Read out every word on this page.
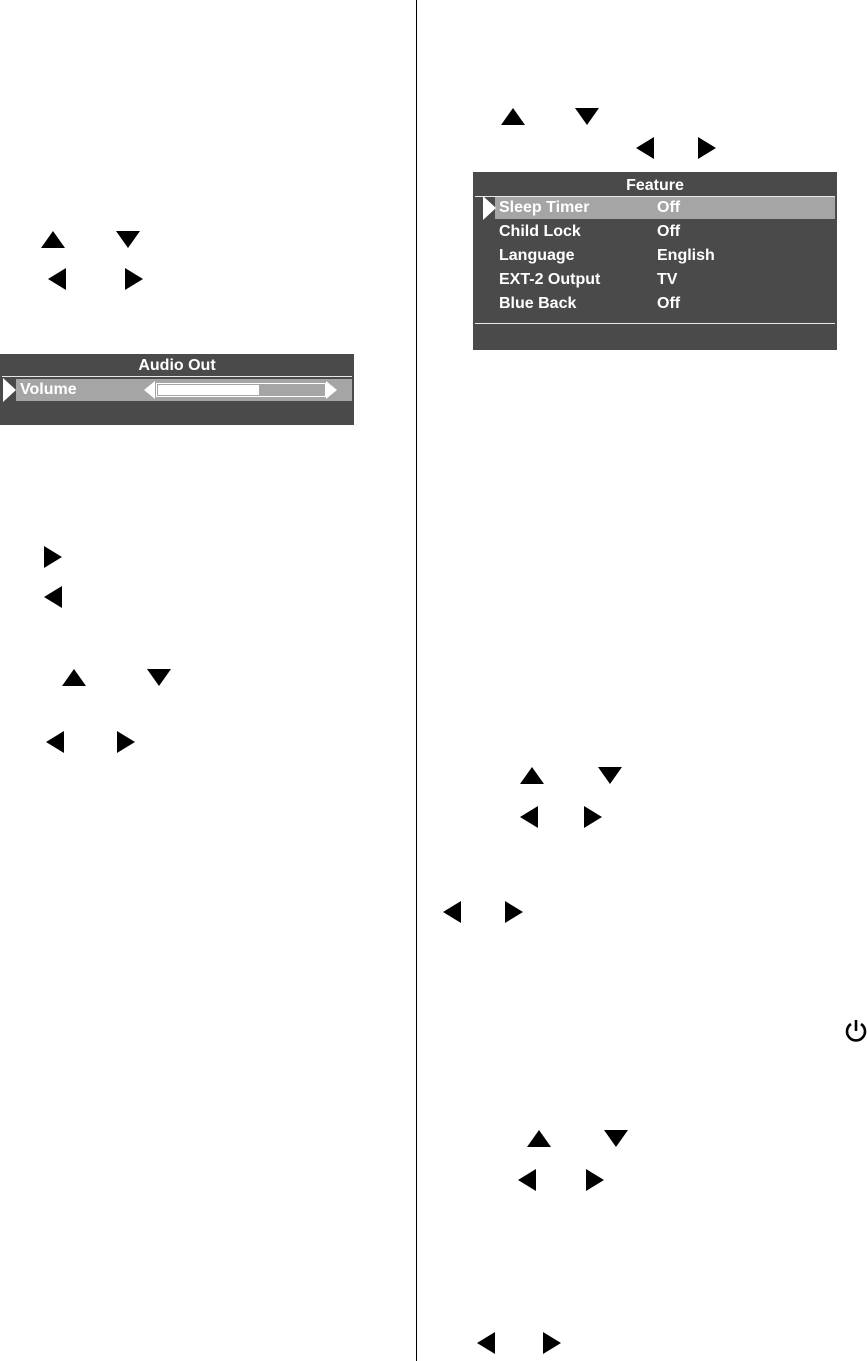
Audio Out
Volume
Feature
Sleep Timer	Off
Child Lock	Off
Language	English
EXT-2 Output	TV
Blue Back	Off
